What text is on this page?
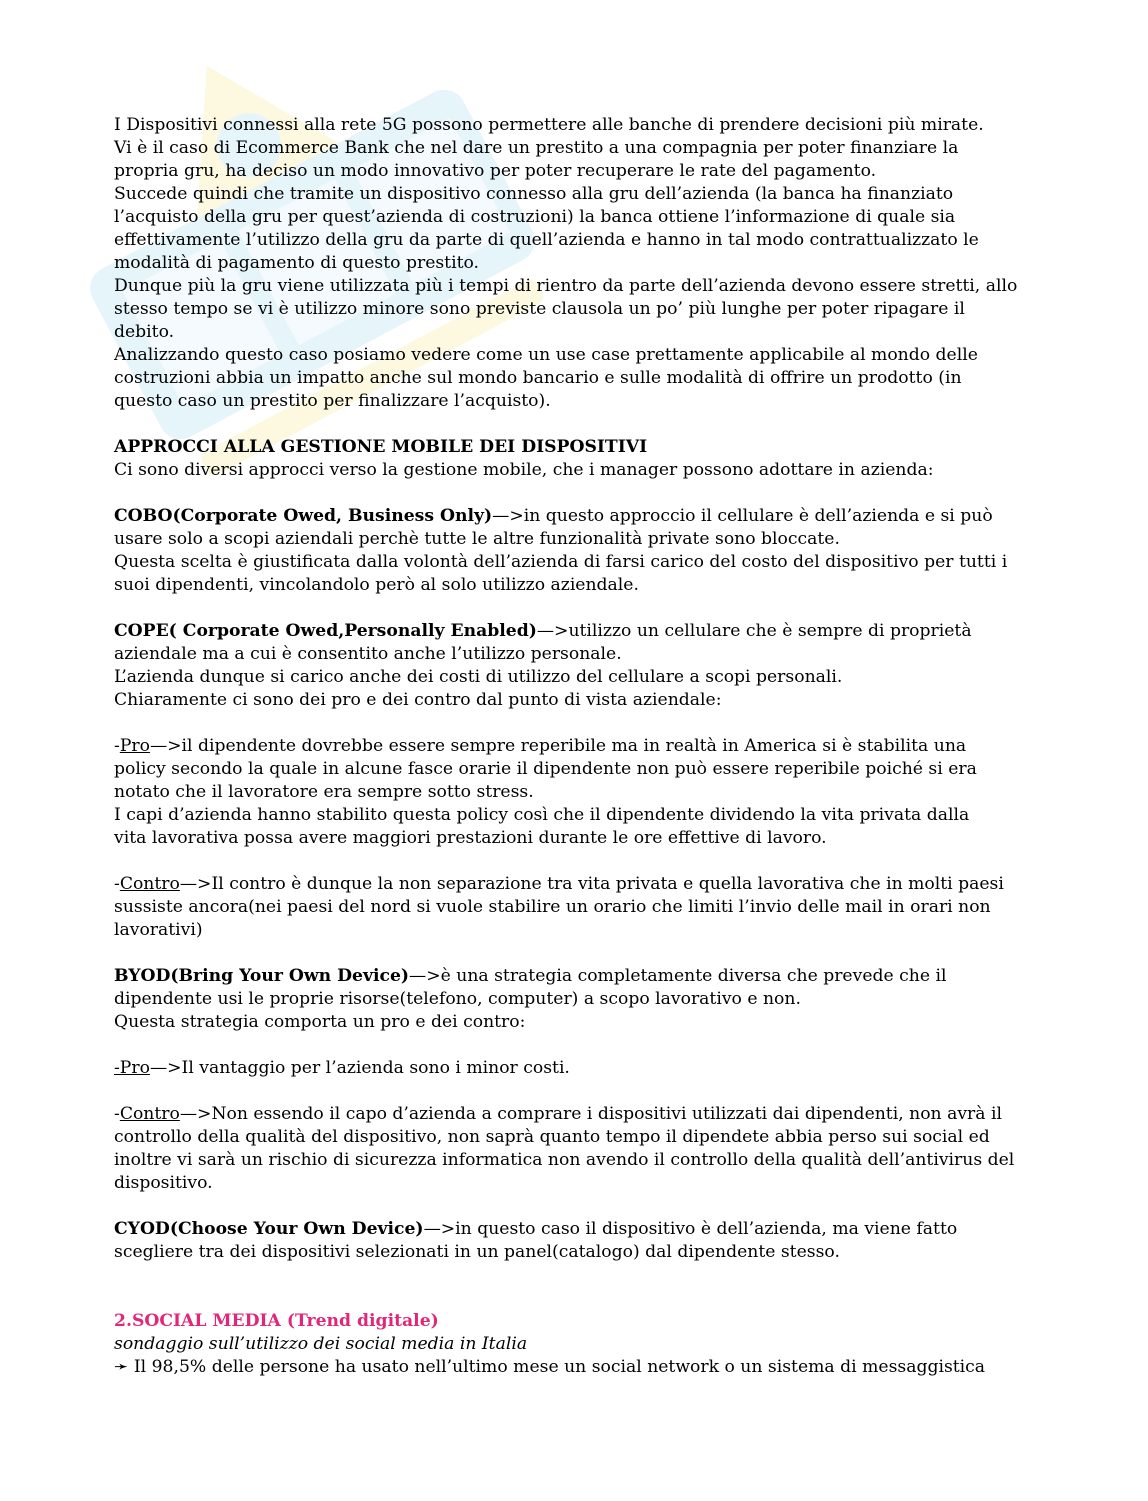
I Dispositivi connessi alla rete 5G possono permettere alle banche di prendere decisioni più mirate.
Vi è il caso di Ecommerce Bank che nel dare un prestito a una compagnia per poter finanziare la
propria gru, ha deciso un modo innovativo per poter recuperare le rate del pagamento.
Succede quindi che tramite un dispositivo connesso alla gru dell’azienda (la banca ha finanziato
l’acquisto della gru per quest’azienda di costruzioni) la banca ottiene l’informazione di quale sia
effettivamente l’utilizzo della gru da parte di quell’azienda e hanno in tal modo contrattualizzato le
modalità di pagamento di questo prestito.
Dunque più la gru viene utilizzata più i tempi di rientro da parte dell’azienda devono essere stretti, allo
stesso tempo se vi è utilizzo minore sono previste clausola un po’ più lunghe per poter ripagare il
debito.
Analizzando questo caso posiamo vedere come un use case prettamente applicabile al mondo delle
costruzioni abbia un impatto anche sul mondo bancario e sulle modalità di offrire un prodotto (in
questo caso un prestito per finalizzare l’acquisto).
APPROCCI ALLA GESTIONE MOBILE DEI DISPOSITIVI
Ci sono diversi approcci verso la gestione mobile, che i manager possono adottare in azienda:
COBO(Corporate Owed, Business Only)—>in questo approccio il cellulare è dell’azienda e si può
usare solo a scopi aziendali perchè tutte le altre funzionalità private sono bloccate.
Questa scelta è giustificata dalla volontà dell’azienda di farsi carico del costo del dispositivo per tutti i
suoi dipendenti, vincolandolo però al solo utilizzo aziendale.
COPE( Corporate Owed,Personally Enabled)—>utilizzo un cellulare che è sempre di proprietà
aziendale ma a cui è consentito anche l’utilizzo personale.
L’azienda dunque si carico anche dei costi di utilizzo del cellulare a scopi personali.
Chiaramente ci sono dei pro e dei contro dal punto di vista aziendale:
-Pro—>il dipendente dovrebbe essere sempre reperibile ma in realtà in America si è stabilita una
policy secondo la quale in alcune fasce orarie il dipendente non può essere reperibile poiché si era
notato che il lavoratore era sempre sotto stress.
I capi d’azienda hanno stabilito questa policy così che il dipendente dividendo la vita privata dalla
vita lavorativa possa avere maggiori prestazioni durante le ore effettive di lavoro.
-Contro—>Il contro è dunque la non separazione tra vita privata e quella lavorativa che in molti paesi
sussiste ancora(nei paesi del nord si vuole stabilire un orario che limiti l’invio delle mail in orari non
lavorativi)
BYOD(Bring Your Own Device)—>è una strategia completamente diversa che prevede che il
dipendente usi le proprie risorse(telefono, computer) a scopo lavorativo e non.
Questa strategia comporta un pro e dei contro:
-Pro—>Il vantaggio per l’azienda sono i minor costi.
-Contro—>Non essendo il capo d’azienda a comprare i dispositivi utilizzati dai dipendenti, non avrà il
controllo della qualità del dispositivo, non saprà quanto tempo il dipendete abbia perso sui social ed
inoltre vi sarà un rischio di sicurezza informatica non avendo il controllo della qualità dell’antivirus del
dispositivo.
CYOD(Choose Your Own Device)—>in questo caso il dispositivo è dell’azienda, ma viene fatto
scegliere tra dei dispositivi selezionati in un panel(catalogo) dal dipendente stesso.
2.SOCIAL MEDIA (Trend digitale)
sondaggio sull’utilizzo dei social media in Italia
➛ Il 98,5% delle persone ha usato nell’ultimo mese un social network o un sistema di messaggistica
